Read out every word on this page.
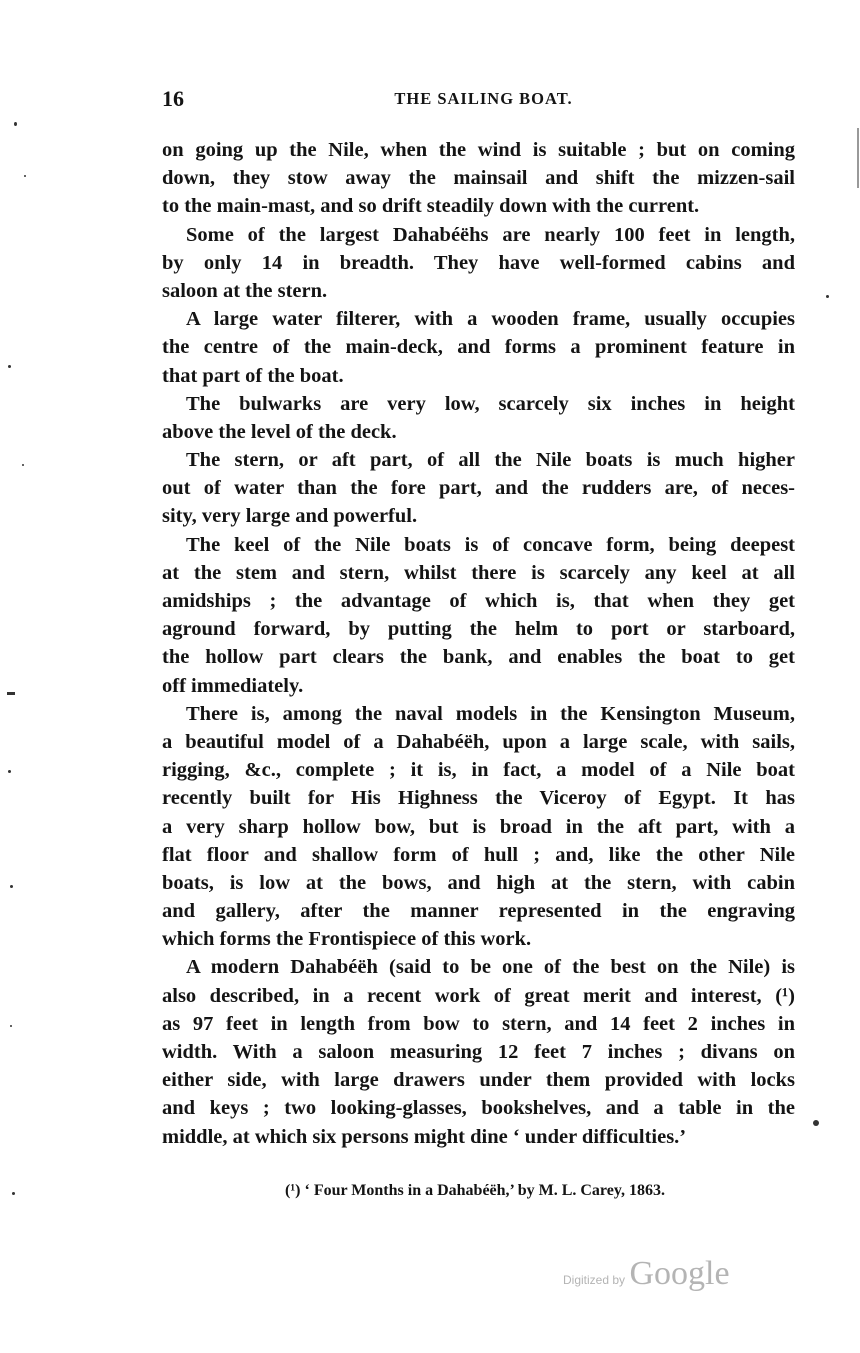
16	THE SAILING BOAT.
on going up the Nile, when the wind is suitable ; but on coming
down, they stow away the mainsail and shift the mizzen-sail
to the main-mast, and so drift steadily down with the current.
Some of the largest Dahabéëhs are nearly 100 feet in length,
by only 14 in breadth. They have well-formed cabins and
saloon at the stern.
A large water filterer, with a wooden frame, usually occupies
the centre of the main-deck, and forms a prominent feature in
that part of the boat.
The bulwarks are very low, scarcely six inches in height
above the level of the deck.
The stern, or aft part, of all the Nile boats is much higher
out of water than the fore part, and the rudders are, of neces-
sity, very large and powerful.
The keel of the Nile boats is of concave form, being deepest
at the stem and stern, whilst there is scarcely any keel at all
amidships ; the advantage of which is, that when they get
aground forward, by putting the helm to port or starboard,
the hollow part clears the bank, and enables the boat to get
off immediately.
There is, among the naval models in the Kensington Museum,
a beautiful model of a Dahabéëh, upon a large scale, with sails,
rigging, &c., complete ; it is, in fact, a model of a Nile boat
recently built for His Highness the Viceroy of Egypt. It has
a very sharp hollow bow, but is broad in the aft part, with a
flat floor and shallow form of hull ; and, like the other Nile
boats, is low at the bows, and high at the stern, with cabin
and gallery, after the manner represented in the engraving
which forms the Frontispiece of this work.
A modern Dahabéëh (said to be one of the best on the Nile) is
also described, in a recent work of great merit and interest, (¹)
as 97 feet in length from bow to stern, and 14 feet 2 inches in
width. With a saloon measuring 12 feet 7 inches ; divans on
either side, with large drawers under them provided with locks
and keys ; two looking-glasses, bookshelves, and a table in the
middle, at which six persons might dine ‘ under difficulties.’
(¹) ‘ Four Months in a Dahabéëh,’ by M. L. Carey, 1863.
Digitized by Google
